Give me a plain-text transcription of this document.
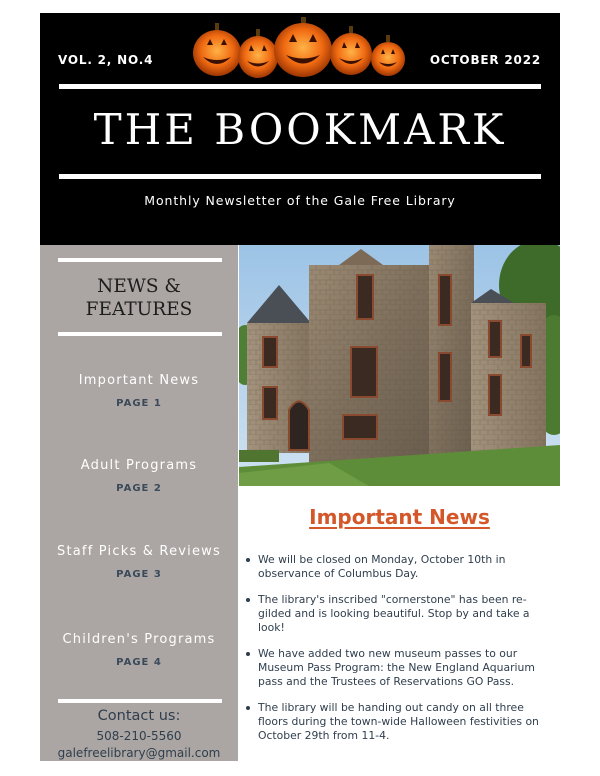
VOL. 2, NO.4	OCTOBER 2022
THE BOOKMARK
Monthly Newsletter of the Gale Free Library
NEWS &
FEATURES
Important News
PAGE 1
Adult Programs
PAGE 2
Staff Picks & Reviews
PAGE 3
Children's Programs
PAGE 4
Contact us:
508-210-5560
galefreelibrary@gmail.com
Important News
We will be closed on Monday, October 10th in observance of Columbus Day.
The library's inscribed "cornerstone" has been re-gilded and is looking beautiful. Stop by and take a look!
We have added two new museum passes to our Museum Pass Program: the New England Aquarium pass and the Trustees of Reservations GO Pass.
The library will be handing out candy on all three floors during the town-wide Halloween festivities on October 29th from 11-4.
